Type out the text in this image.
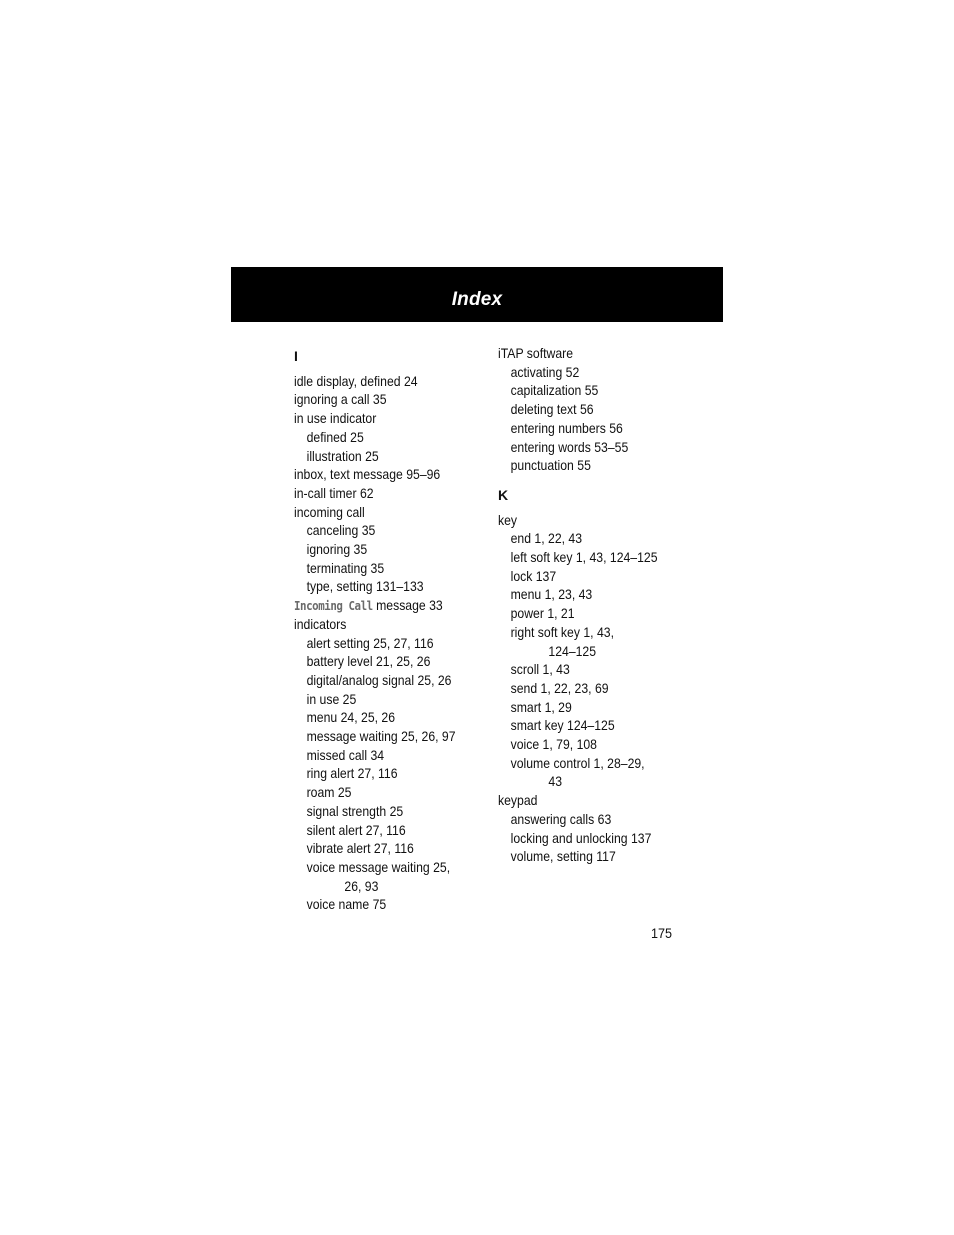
Index
I
idle display, defined 24
ignoring a call 35
in use indicator
defined 25
illustration 25
inbox, text message 95–96
in-call timer 62
incoming call
canceling 35
ignoring 35
terminating 35
type, setting 131–133
Incoming Call message 33
indicators
alert setting 25, 27, 116
battery level 21, 25, 26
digital/analog signal 25, 26
in use 25
menu 24, 25, 26
message waiting 25, 26, 97
missed call 34
ring alert 27, 116
roam 25
signal strength 25
silent alert 27, 116
vibrate alert 27, 116
voice message waiting 25,
26, 93
voice name 75
iTAP software
activating 52
capitalization 55
deleting text 56
entering numbers 56
entering words 53–55
punctuation 55
K
key
end 1, 22, 43
left soft key 1, 43, 124–125
lock 137
menu 1, 23, 43
power 1, 21
right soft key 1, 43,
124–125
scroll 1, 43
send 1, 22, 23, 69
smart 1, 29
smart key 124–125
voice 1, 79, 108
volume control 1, 28–29,
43
keypad
answering calls 63
locking and unlocking 137
volume, setting 117
175
